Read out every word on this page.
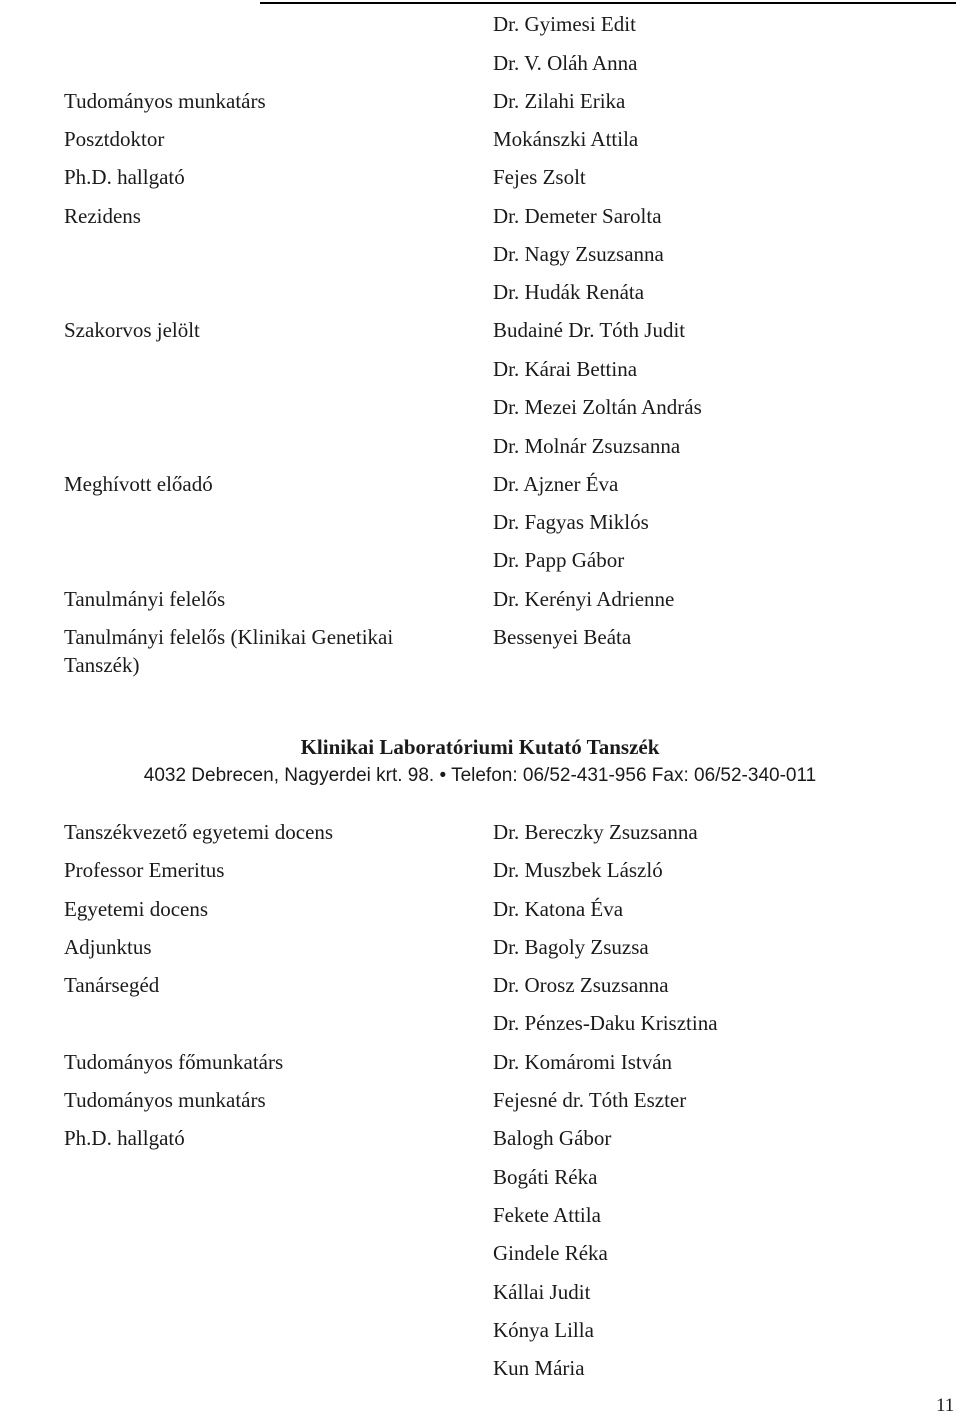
Tudományos munkatárs
Posztdoktor
Ph.D. hallgató
Rezidens
Szakorvos jelölt
Meghívott előadó
Tanulmányi felelős
Tanulmányi felelős (Klinikai Genetikai Tanszék)
Dr. Gyimesi Edit
Dr. V. Oláh Anna
Dr. Zilahi Erika
Mokánszki Attila
Fejes Zsolt
Dr. Demeter Sarolta
Dr. Nagy Zsuzsanna
Dr. Hudák Renáta
Budainé Dr. Tóth Judit
Dr. Kárai Bettina
Dr. Mezei Zoltán András
Dr. Molnár Zsuzsanna
Dr. Ajzner Éva
Dr. Fagyas Miklós
Dr. Papp Gábor
Dr. Kerényi Adrienne
Bessenyei Beáta
Klinikai Laboratóriumi Kutató Tanszék
4032 Debrecen, Nagyerdei krt. 98. • Telefon: 06/52-431-956 Fax: 06/52-340-011
Tanszékvezető egyetemi docens
Professor Emeritus
Egyetemi docens
Adjunktus
Tanársegéd
Tudományos főmunkatárs
Tudományos munkatárs
Ph.D. hallgató
Dr. Bereczky Zsuzsanna
Dr. Muszbek László
Dr. Katona Éva
Dr. Bagoly Zsuzsa
Dr. Orosz Zsuzsanna
Dr. Pénzes-Daku Krisztina
Dr. Komáromi István
Fejesné dr. Tóth Eszter
Balogh Gábor
Bogáti Réka
Fekete Attila
Gindele Réka
Kállai Judit
Kónya Lilla
Kun Mária
11
